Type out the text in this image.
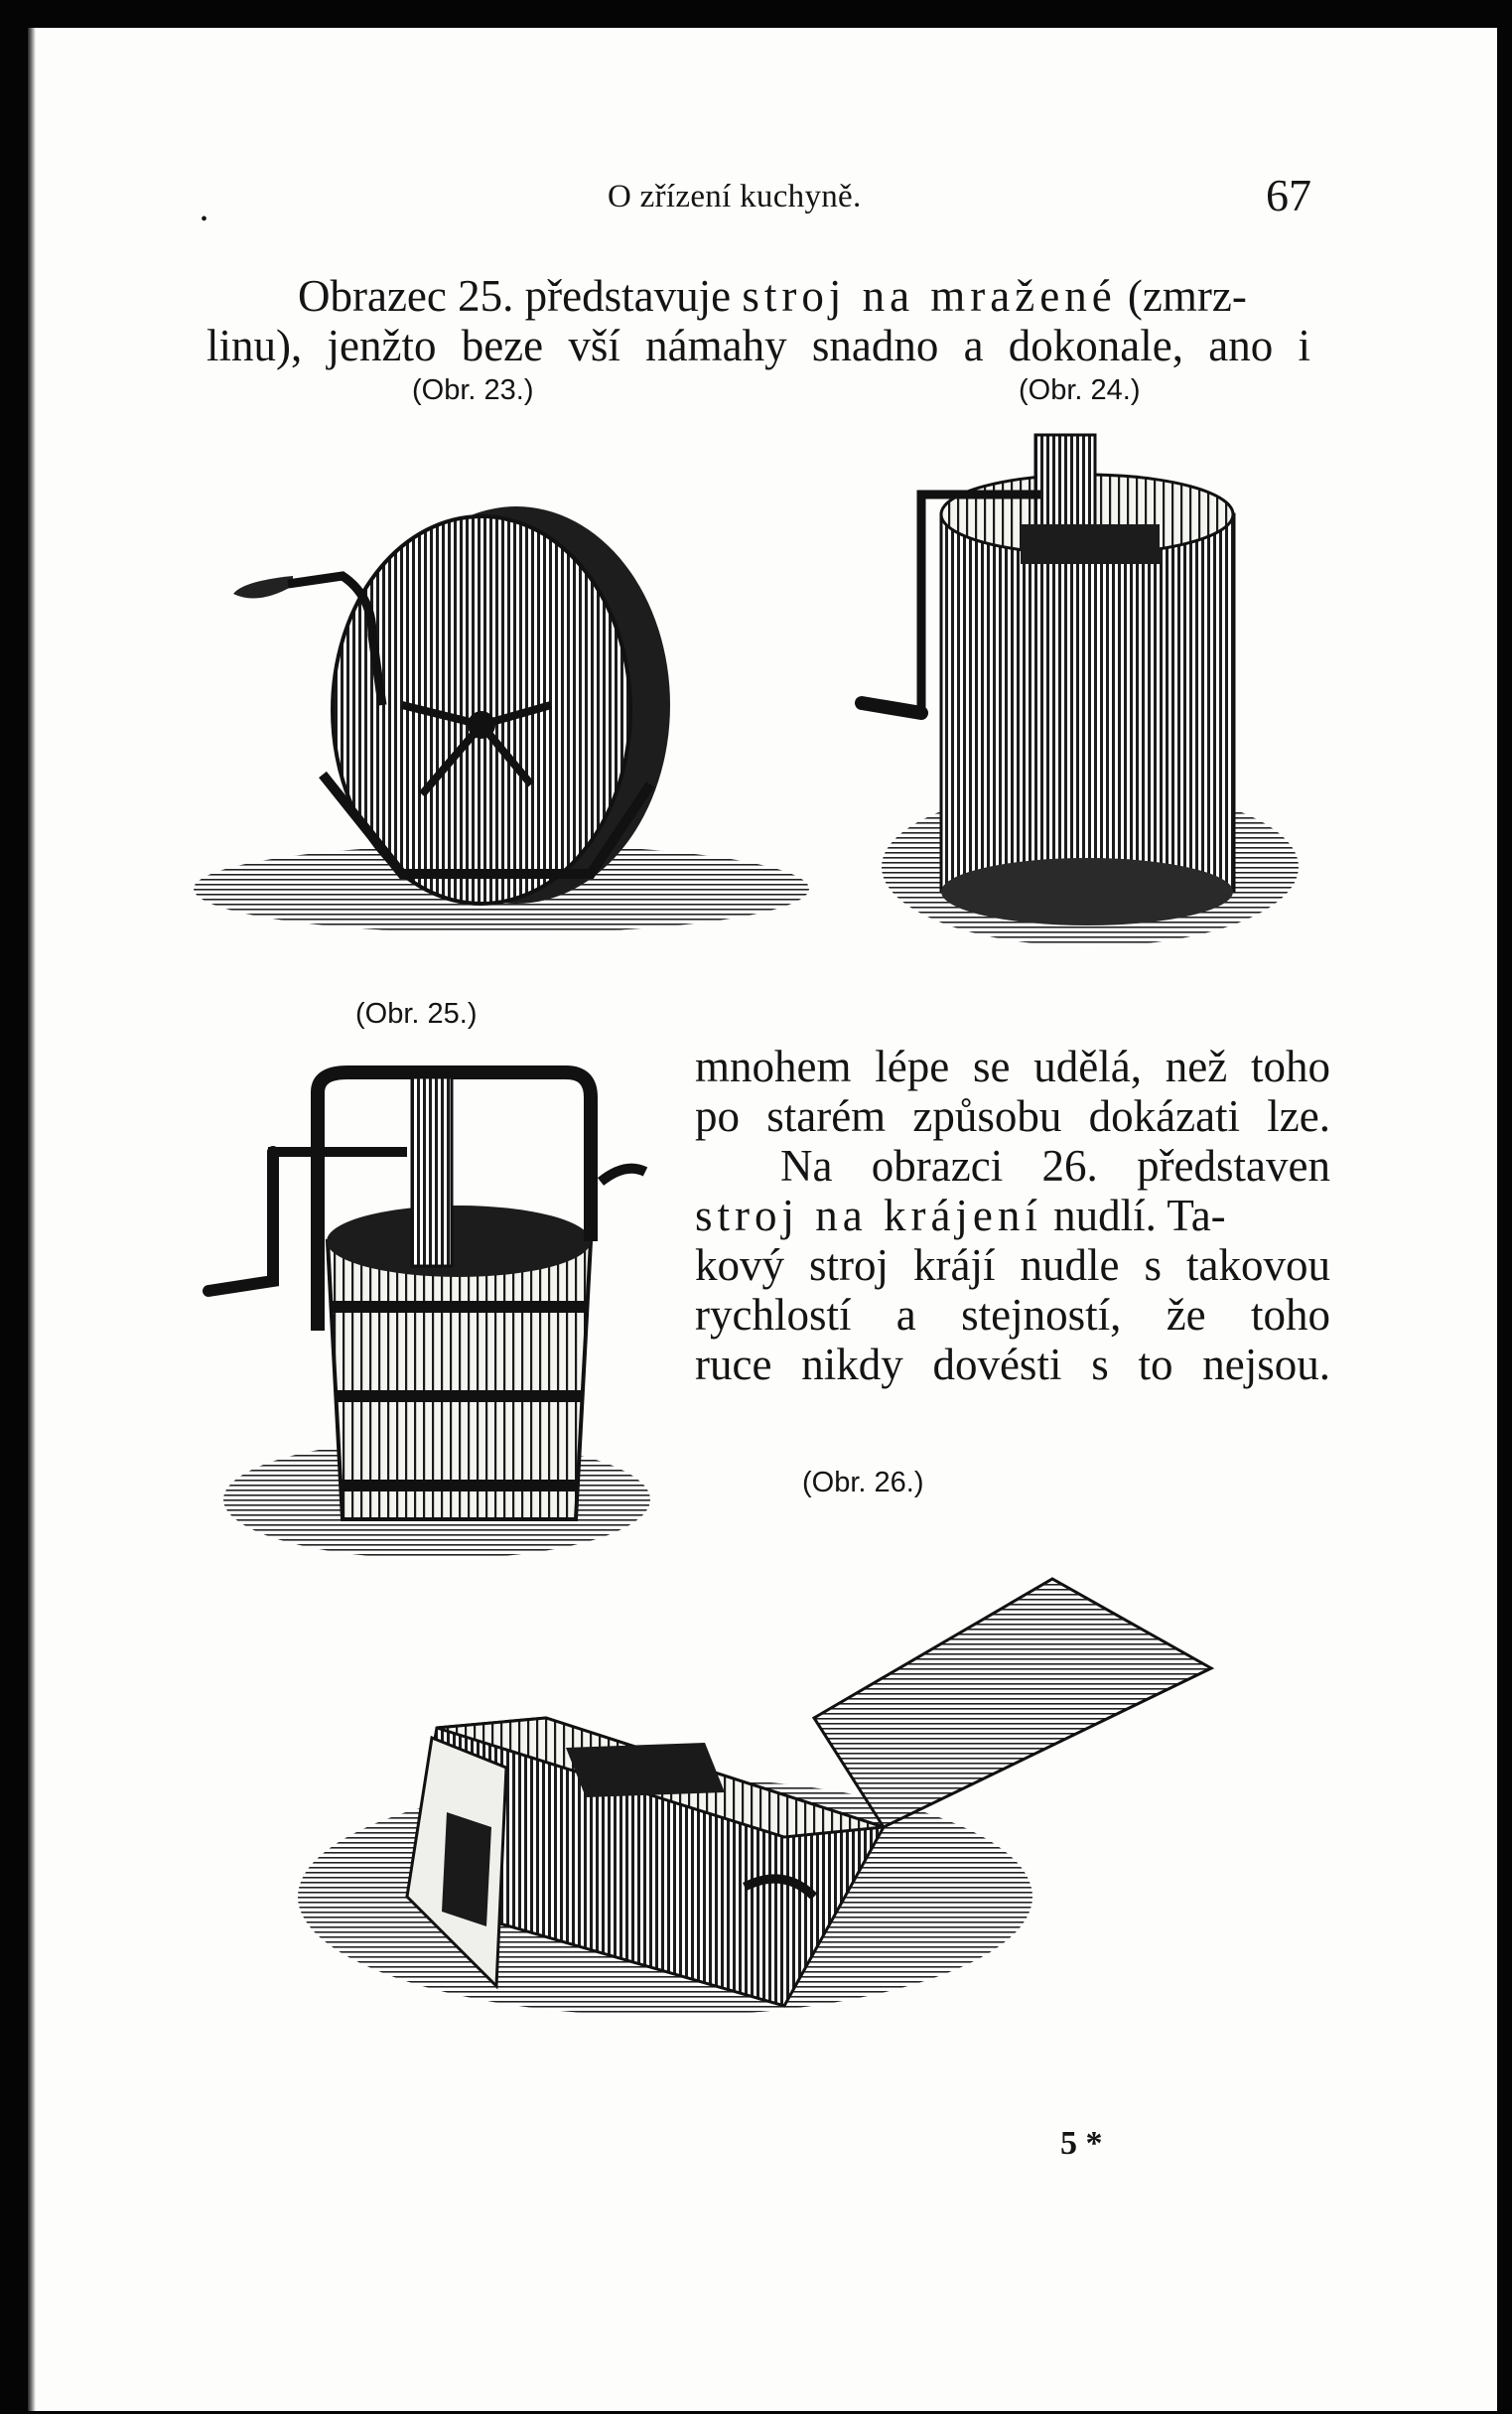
•
O zřízení kuchyně.	67
Obrazec 25. představuje stroj na mražené (zmrz-
linu), jenžto beze vší námahy snadno a dokonale, ano i
(Obr. 23.)	(Obr. 24.)
(Obr. 25.)
(Obr. 26.)
mnohem lépe se udělá, než toho
po starém způsobu dokázati lze.
Na obrazci 26. představen
stroj na krájení nudlí. Ta-
kový stroj krájí nudle s takovou
rychlostí a stejností, že toho
ruce nikdy dovésti s to nejsou.
5 *
